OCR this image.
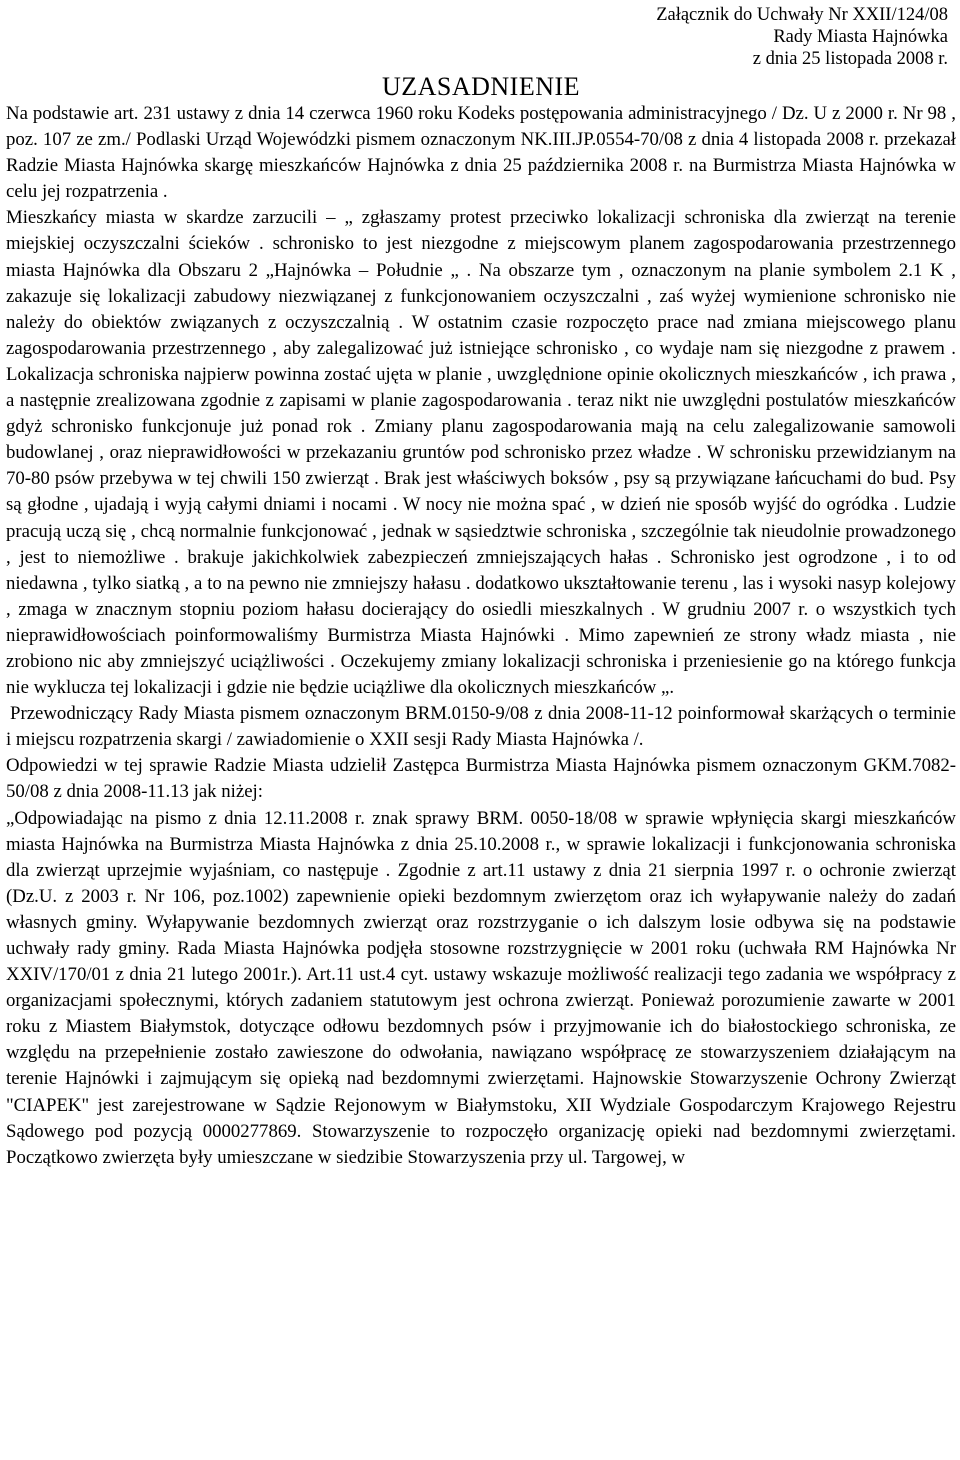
Załącznik do Uchwały Nr XXII/124/08
Rady Miasta Hajnówka
z dnia 25 listopada 2008 r.
UZASADNIENIE

Na podstawie art. 231 ustawy z dnia 14 czerwca 1960 roku Kodeks postępowania administracyjnego / Dz. U z 2000 r. Nr 98 , poz. 107 ze zm./ Podlaski Urząd Wojewódzki pismem oznaczonym NK.III.JP.0554-70/08 z dnia 4 listopada 2008 r. przekazał Radzie Miasta Hajnówka skargę mieszkańców Hajnówka z dnia 25 października 2008 r. na Burmistrza Miasta Hajnówka w celu jej rozpatrzenia .

Mieszkańcy miasta w skardze zarzucili – „ zgłaszamy protest przeciwko lokalizacji schroniska dla zwierząt na terenie miejskiej oczyszczalni ścieków . schronisko to jest niezgodne z miejscowym planem zagospodarowania przestrzennego miasta Hajnówka dla Obszaru 2 „Hajnówka – Południe „ . Na obszarze tym , oznaczonym na planie symbolem 2.1 K , zakazuje się lokalizacji zabudowy niezwiązanej z funkcjonowaniem oczyszczalni , zaś wyżej wymienione schronisko nie należy do obiektów związanych z oczyszczalnią . W ostatnim czasie rozpoczęto prace nad zmiana miejscowego planu zagospodarowania przestrzennego , aby zalegalizować już istniejące schronisko , co wydaje nam się niezgodne z prawem . Lokalizacja schroniska najpierw powinna zostać ujęta w planie , uwzględnione opinie okolicznych mieszkańców , ich prawa , a następnie zrealizowana zgodnie z zapisami w planie zagospodarowania . teraz nikt nie uwzględni postulatów mieszkańców gdyż schronisko funkcjonuje już ponad rok . Zmiany planu zagospodarowania mają na celu zalegalizowanie samowoli budowlanej , oraz nieprawidłowości w przekazaniu gruntów pod schronisko przez władze . W schronisku przewidzianym na 70-80 psów przebywa w tej chwili 150 zwierząt . Brak jest właściwych boksów , psy są przywiązane łańcuchami do bud. Psy są głodne , ujadają i wyją całymi dniami i nocami . W nocy nie można spać , w dzień nie sposób wyjść do ogródka . Ludzie pracują uczą się , chcą normalnie funkcjonować , jednak w sąsiedztwie schroniska , szczególnie tak nieudolnie prowadzonego , jest to niemożliwe . brakuje jakichkolwiek zabezpieczeń zmniejszających hałas . Schronisko jest ogrodzone , i to od niedawna , tylko siatką , a to na pewno nie zmniejszy hałasu . dodatkowo ukształtowanie terenu , las i wysoki nasyp kolejowy , zmaga w znacznym stopniu poziom hałasu docierający do osiedli mieszkalnych . W grudniu 2007 r. o wszystkich tych nieprawidłowościach poinformowaliśmy Burmistrza Miasta Hajnówki . Mimo zapewnień ze strony władz miasta , nie zrobiono nic aby zmniejszyć uciążliwości . Oczekujemy zmiany lokalizacji schroniska i przeniesienie go na którego funkcja nie wyklucza tej lokalizacji i gdzie nie będzie uciążliwe dla okolicznych mieszkańców „.

Przewodniczący Rady Miasta pismem oznaczonym BRM.0150-9/08 z dnia 2008-11-12 poinformował skarżących o terminie i miejscu rozpatrzenia skargi / zawiadomienie o XXII sesji Rady Miasta Hajnówka /.

Odpowiedzi w tej sprawie Radzie Miasta udzielił Zastępca Burmistrza Miasta Hajnówka pismem oznaczonym GKM.7082-50/08 z dnia 2008-11.13 jak niżej:

„Odpowiadając na pismo z dnia 12.11.2008 r. znak sprawy BRM. 0050-18/08 w sprawie wpłynięcia skargi mieszkańców miasta Hajnówka na Burmistrza Miasta Hajnówka z dnia 25.10.2008 r., w sprawie lokalizacji i funkcjonowania schroniska dla zwierząt uprzejmie wyjaśniam, co następuje . Zgodnie z art.11 ustawy z dnia 21 sierpnia 1997 r. o ochronie zwierząt (Dz.U. z 2003 r. Nr 106, poz.1002) zapewnienie opieki bezdomnym zwierzętom oraz ich wyłapywanie należy do zadań własnych gminy. Wyłapywanie bezdomnych zwierząt oraz rozstrzyganie o ich dalszym losie odbywa się na podstawie uchwały rady gminy. Rada Miasta Hajnówka podjęła stosowne rozstrzygnięcie w 2001 roku (uchwała RM Hajnówka Nr XXIV/170/01 z dnia 21 lutego 2001r.). Art.11 ust.4 cyt. ustawy wskazuje możliwość realizacji tego zadania we współpracy z organizacjami społecznymi, których zadaniem statutowym jest ochrona zwierząt. Ponieważ porozumienie zawarte w 2001 roku z Miastem Białymstok, dotyczące odłowu bezdomnych psów i przyjmowanie ich do białostockiego schroniska, ze względu na przepełnienie zostało zawieszone do odwołania, nawiązano współpracę ze stowarzyszeniem działającym na terenie Hajnówki i zajmującym się opieką nad bezdomnymi zwierzętami. Hajnowskie Stowarzyszenie Ochrony Zwierząt "CIAPEK" jest zarejestrowane w Sądzie Rejonowym w Białymstoku, XII Wydziale Gospodarczym Krajowego Rejestru Sądowego pod pozycją 0000277869. Stowarzyszenie to rozpoczęło organizację opieki nad bezdomnymi zwierzętami. Początkowo zwierzęta były umieszczane w siedzibie Stowarzyszenia przy ul. Targowej, w
